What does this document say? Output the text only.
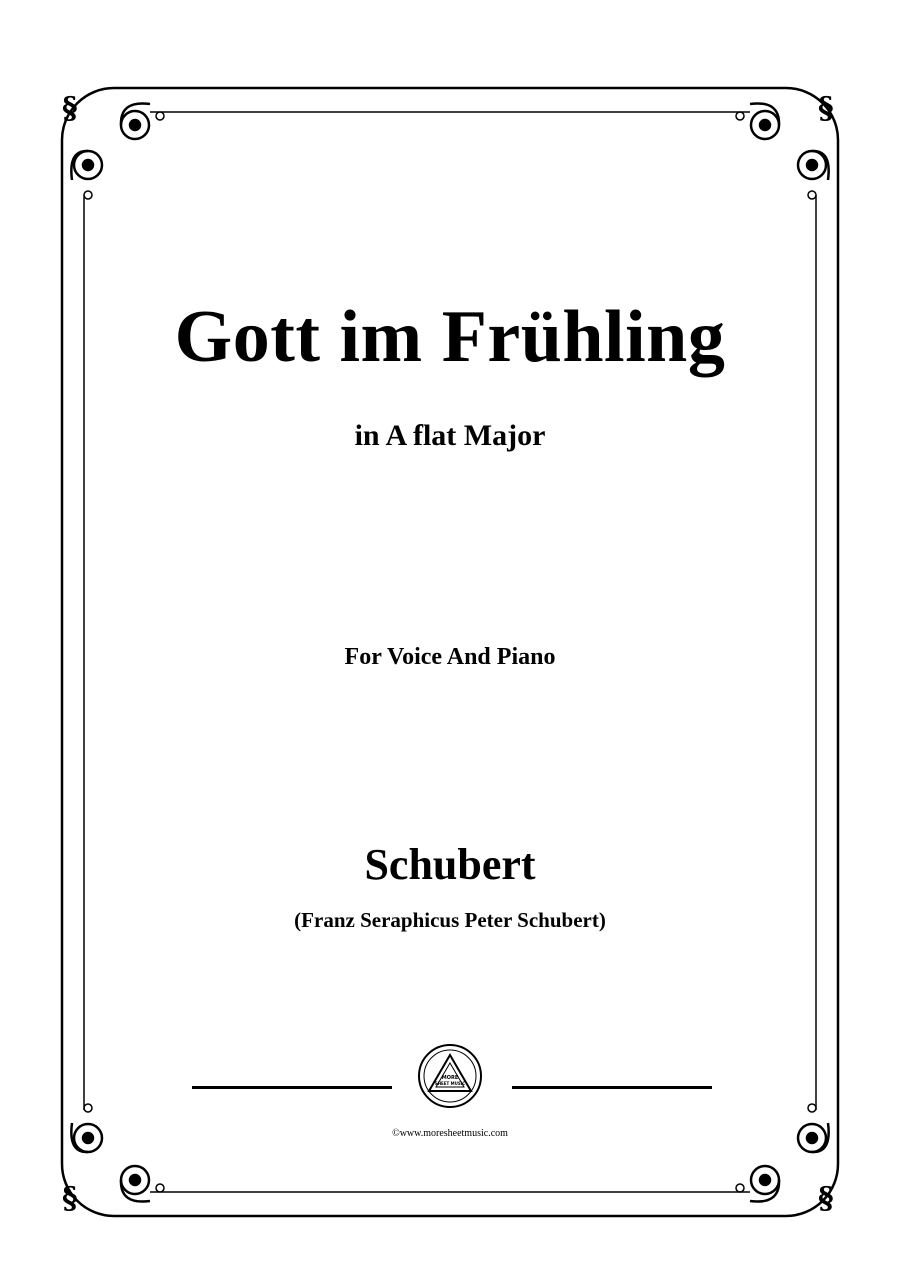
§	§
§	§
Gott im Frühling
in A flat Major
For Voice And Piano
Schubert
(Franz Seraphicus Peter Schubert)
MORE
SHEET MUSIC
©www.moresheetmusic.com
